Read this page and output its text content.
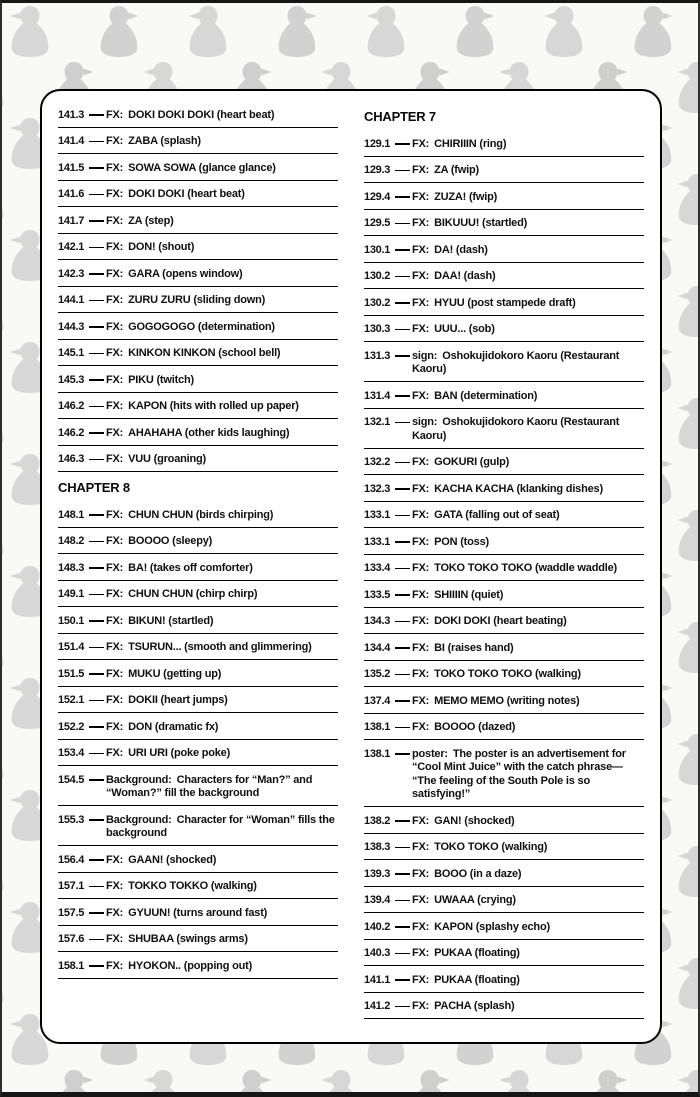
141.3	FX: DOKI DOKI DOKI (heart beat)
141.4	FX: ZABA (splash)
141.5	FX: SOWA SOWA (glance glance)
141.6	FX: DOKI DOKI (heart beat)
141.7	FX: ZA (step)
142.1	FX: DON! (shout)
142.3	FX: GARA (opens window)
144.1	FX: ZURU ZURU (sliding down)
144.3	FX: GOGOGOGO (determination)
145.1	FX: KINKON KINKON (school bell)
145.3	FX: PIKU (twitch)
146.2	FX: KAPON (hits with rolled up paper)
146.2	FX: AHAHAHA (other kids laughing)
146.3	FX: VUU (groaning)
CHAPTER 8
148.1	FX: CHUN CHUN (birds chirping)
148.2	FX: BOOOO (sleepy)
148.3	FX: BA! (takes off comforter)
149.1	FX: CHUN CHUN (chirp chirp)
150.1	FX: BIKUN! (startled)
151.4	FX: TSURUN... (smooth and glimmering)
151.5	FX: MUKU (getting up)
152.1	FX: DOKII (heart jumps)
152.2	FX: DON (dramatic fx)
153.4	FX: URI URI (poke poke)
154.5	Background: Characters for “Man?” and “Woman?” fill the background
155.3	Background: Character for “Woman” fills the background
156.4	FX: GAAN! (shocked)
157.1	FX: TOKKO TOKKO (walking)
157.5	FX: GYUUN! (turns around fast)
157.6	FX: SHUBAA (swings arms)
158.1	FX: HYOKON.. (popping out)
CHAPTER 7
129.1	FX: CHIRIIIN (ring)
129.3	FX: ZA (fwip)
129.4	FX: ZUZA! (fwip)
129.5	FX: BIKUUU! (startled)
130.1	FX: DA! (dash)
130.2	FX: DAA! (dash)
130.2	FX: HYUU (post stampede draft)
130.3	FX: UUU... (sob)
131.3	sign: Oshokujidokoro Kaoru (Restaurant Kaoru)
131.4	FX: BAN (determination)
132.1	sign: Oshokujidokoro Kaoru (Restaurant Kaoru)
132.2	FX: GOKURI (gulp)
132.3	FX: KACHA KACHA (klanking dishes)
133.1	FX: GATA (falling out of seat)
133.1	FX: PON (toss)
133.4	FX: TOKO TOKO TOKO (waddle waddle)
133.5	FX: SHIIIIN (quiet)
134.3	FX: DOKI DOKI (heart beating)
134.4	FX: BI (raises hand)
135.2	FX: TOKO TOKO TOKO (walking)
137.4	FX: MEMO MEMO (writing notes)
138.1	FX: BOOOO (dazed)
138.1	poster: The poster is an advertisement for “Cool Mint Juice” with the catch phrase— “The feeling of the South Pole is so satisfying!”
138.2	FX: GAN! (shocked)
138.3	FX: TOKO TOKO (walking)
139.3	FX: BOOO (in a daze)
139.4	FX: UWAAA (crying)
140.2	FX: KAPON (splashy echo)
140.3	FX: PUKAA (floating)
141.1	FX: PUKAA (floating)
141.2	FX: PACHA (splash)
